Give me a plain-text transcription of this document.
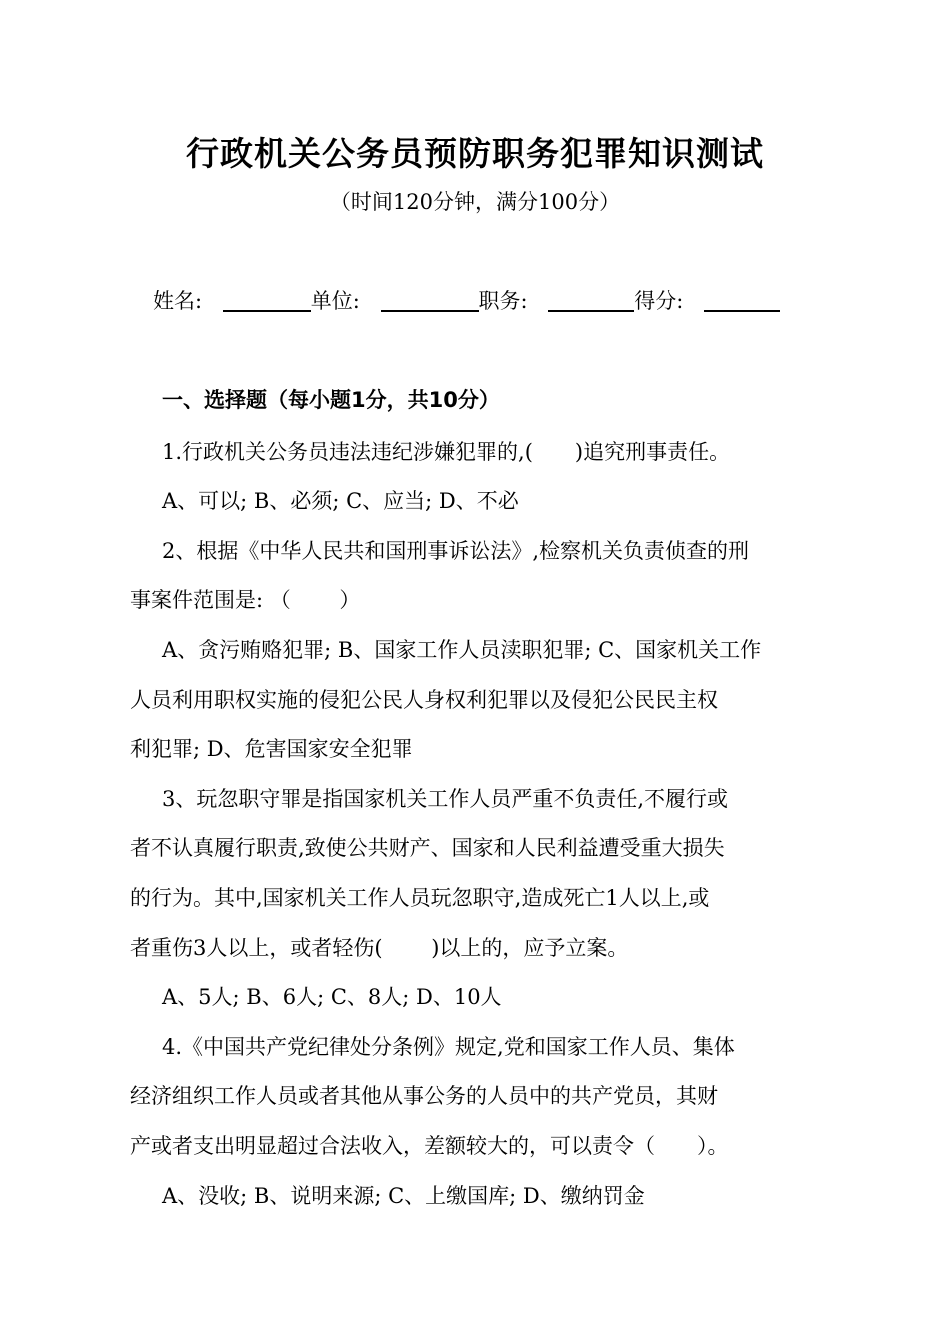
行政机关公务员预防职务犯罪知识测试
（时间120分钟，满分100分）
姓名:	单位:	职务:	得分:
一、选择题（每小题1分，共10分）
1.行政机关公务员违法违纪涉嫌犯罪的,(　　)追究刑事责任。
A、可以; B、必须; C、应当; D、不必
2、根据《中华人民共和国刑事诉讼法》,检察机关负责侦查的刑
事案件范围是: （　　 ）
A、贪污贿赂犯罪; B、国家工作人员渎职犯罪; C、国家机关工作
人员利用职权实施的侵犯公民人身权利犯罪以及侵犯公民民主权
利犯罪; D、危害国家安全犯罪
3、玩忽职守罪是指国家机关工作人员严重不负责任,不履行或
者不认真履行职责,致使公共财产、国家和人民利益遭受重大损失
的行为。其中,国家机关工作人员玩忽职守,造成死亡1人以上,或
者重伤3人以上，或者轻伤(　　 )以上的，应予立案。
A、5人; B、6人; C、8人; D、10人
4.《中国共产党纪律处分条例》规定,党和国家工作人员、集体
经济组织工作人员或者其他从事公务的人员中的共产党员，其财
产或者支出明显超过合法收入，差额较大的，可以责令（　　）。
A、没收; B、说明来源; C、上缴国库; D、缴纳罚金
